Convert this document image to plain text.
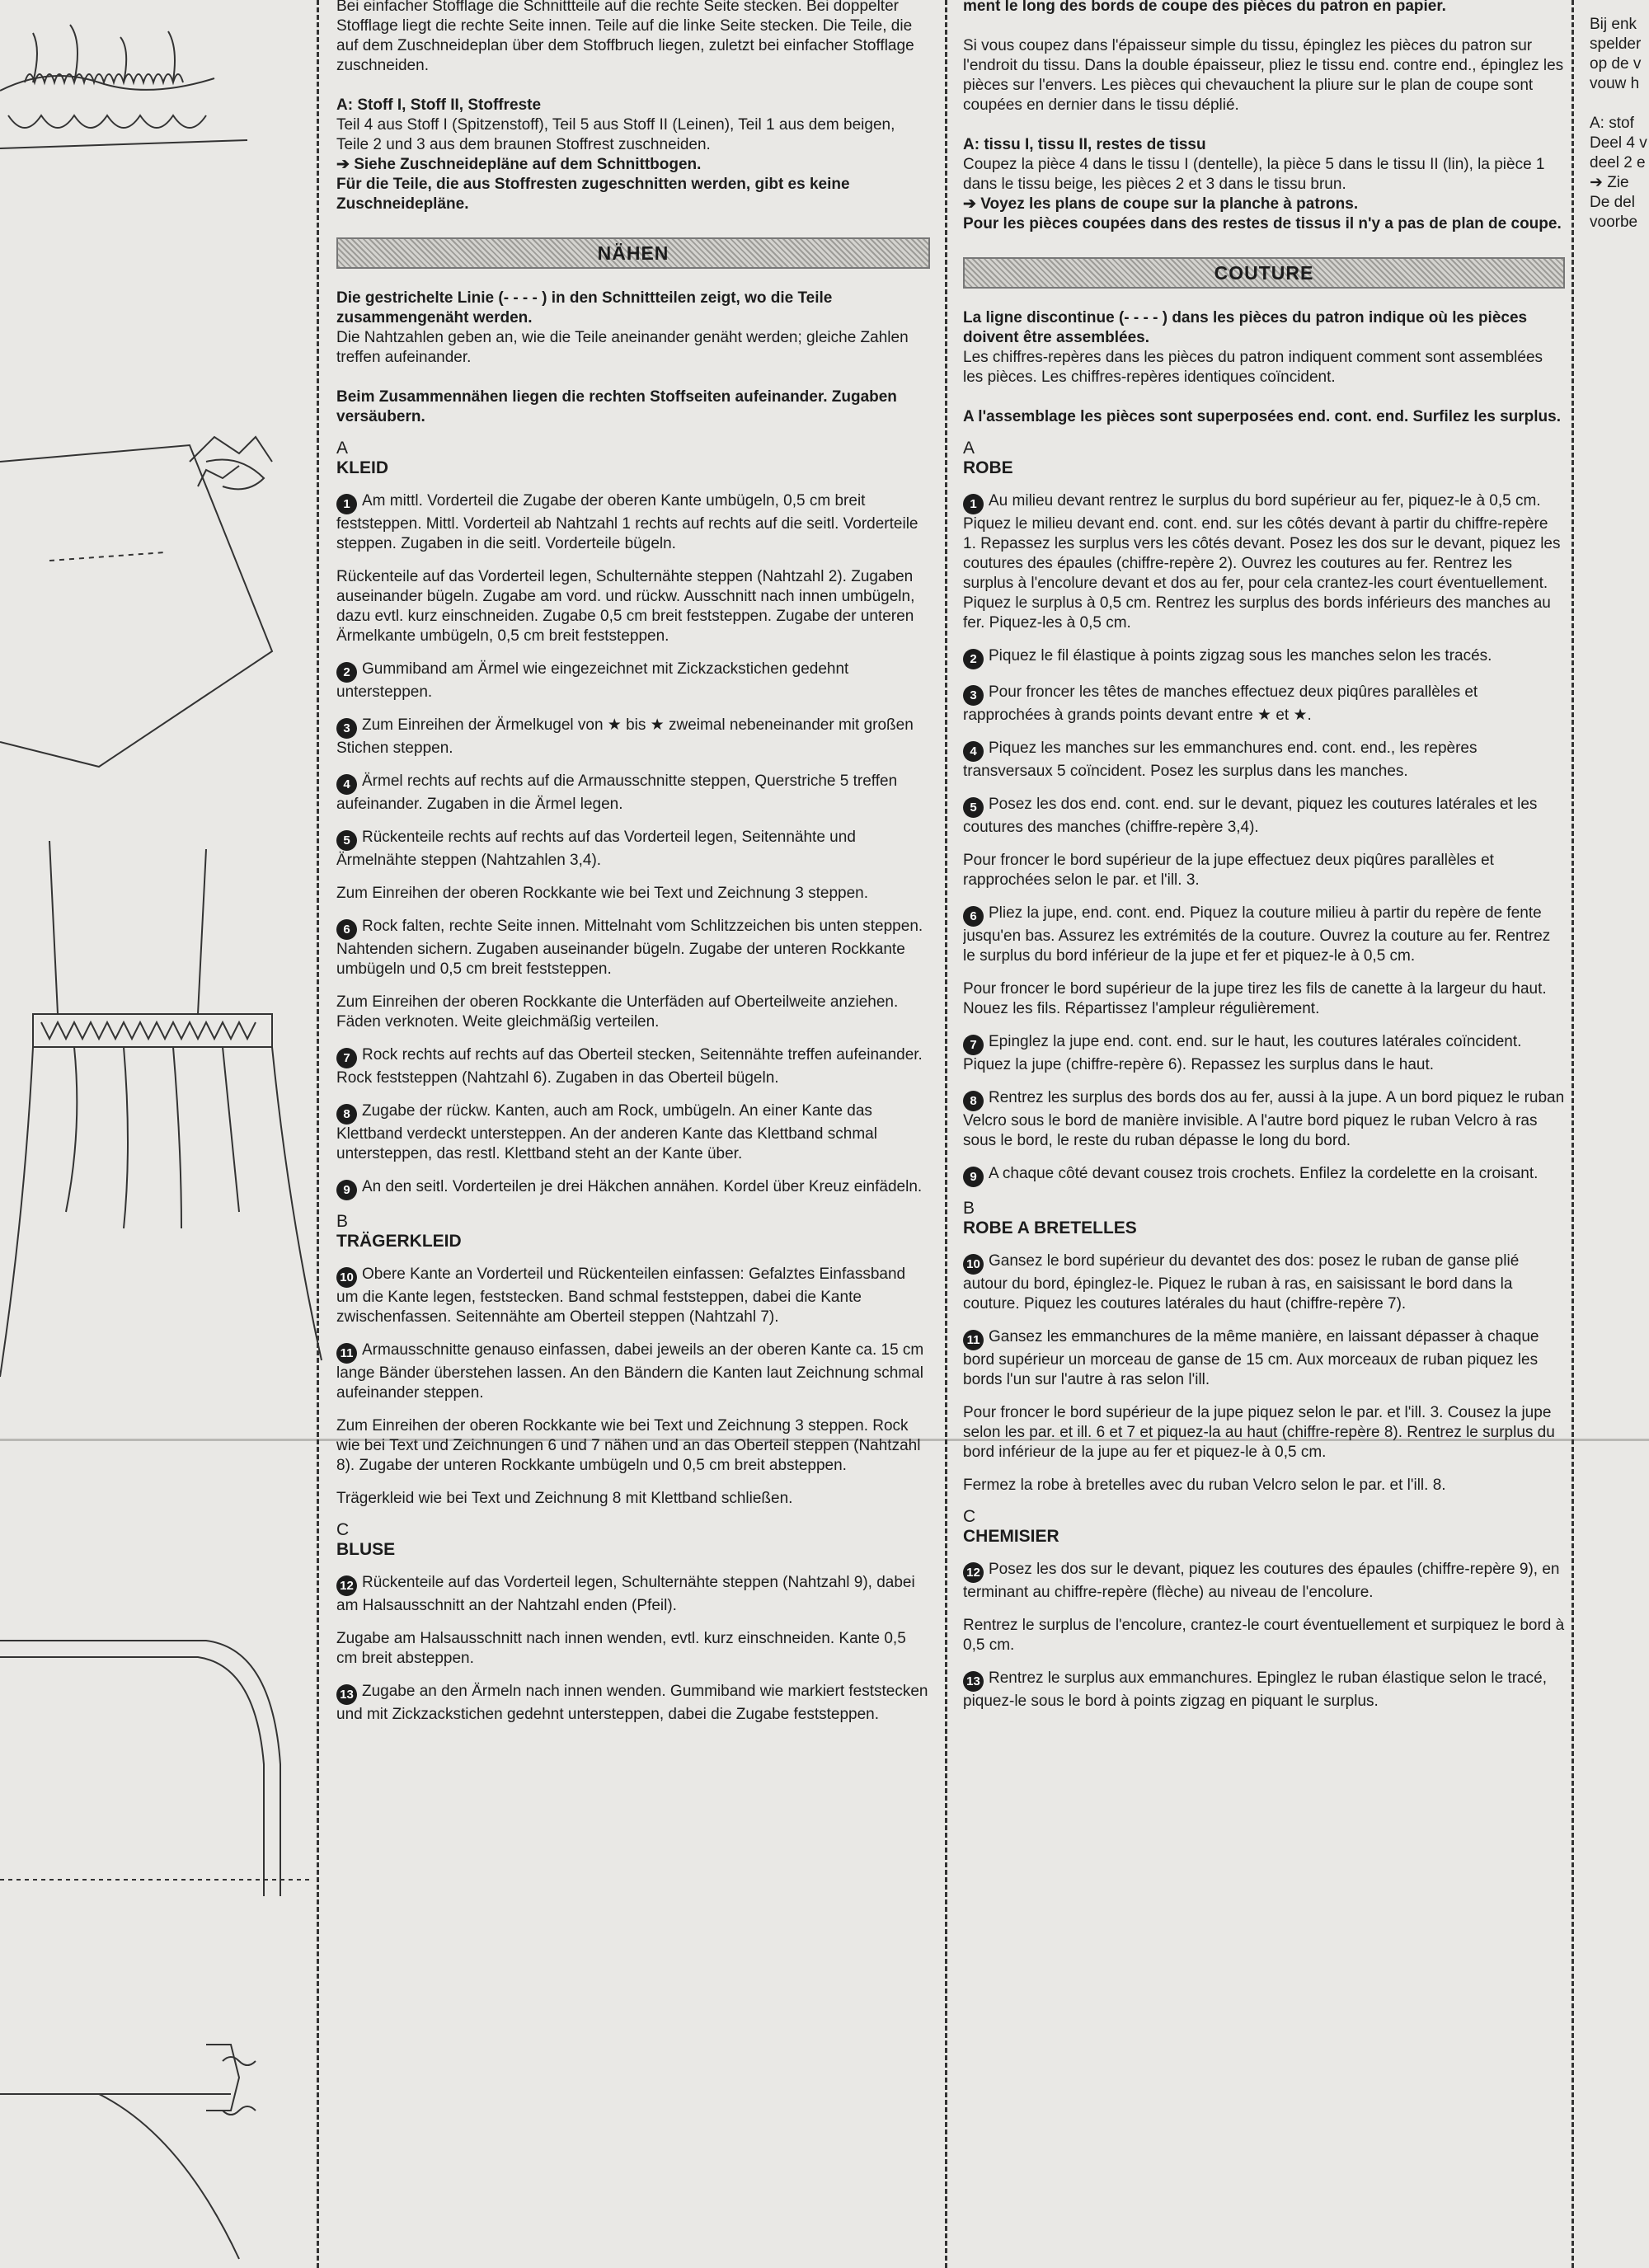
Bei einfacher Stofflage die Schnittteile auf die rechte Seite stecken. Bei doppelter Stofflage liegt die rechte Seite innen. Teile auf die linke Seite stecken. Die Teile, die auf dem Zuschneideplan über dem Stoffbruch liegen, zuletzt bei einfacher Stofflage zuschneiden.

A: Stoff I, Stoff II, Stoffreste

Teil 4 aus Stoff I (Spitzenstoff), Teil 5 aus Stoff II (Leinen), Teil 1 aus dem beigen, Teile 2 und 3 aus dem braunen Stoffrest zuschneiden.

➔ Siehe Zuschneidepläne auf dem Schnittbogen.

Für die Teile, die aus Stoffresten zugeschnitten werden, gibt es keine Zuschneidepläne.

NÄHEN

Die gestrichelte Linie (- - - - ) in den Schnittteilen zeigt, wo die Teile zusammengenäht werden.

Die Nahtzahlen geben an, wie die Teile aneinander genäht werden; gleiche Zahlen treffen aufeinander.

Beim Zusammennähen liegen die rechten Stoffseiten aufeinander. Zugaben versäubern.

A

KLEID

1 Am mittl. Vorderteil die Zugabe der oberen Kante umbügeln, 0,5 cm breit feststeppen. Mittl. Vorderteil ab Nahtzahl 1 rechts auf rechts auf die seitl. Vorderteile steppen. Zugaben in die seitl. Vorderteile bügeln.

Rückenteile auf das Vorderteil legen, Schulternähte steppen (Nahtzahl 2). Zugaben auseinander bügeln. Zugabe am vord. und rückw. Ausschnitt nach innen umbügeln, dazu evtl. kurz einschneiden. Zugabe 0,5 cm breit feststeppen. Zugabe der unteren Ärmelkante umbügeln, 0,5 cm breit feststeppen.

2 Gummiband am Ärmel wie eingezeichnet mit Zickzackstichen gedehnt untersteppen.

3 Zum Einreihen der Ärmelkugel von ★ bis ★ zweimal nebeneinander mit großen Stichen steppen.

4 Ärmel rechts auf rechts auf die Armausschnitte steppen, Querstriche 5 treffen aufeinander. Zugaben in die Ärmel legen.

5 Rückenteile rechts auf rechts auf das Vorderteil legen, Seitennähte und Ärmelnähte steppen (Nahtzahlen 3,4).

Zum Einreihen der oberen Rockkante wie bei Text und Zeichnung 3 steppen.

6 Rock falten, rechte Seite innen. Mittelnaht vom Schlitzzeichen bis unten steppen. Nahtenden sichern. Zugaben auseinander bügeln. Zugabe der unteren Rockkante umbügeln und 0,5 cm breit feststeppen.

Zum Einreihen der oberen Rockkante die Unterfäden auf Oberteilweite anziehen. Fäden verknoten. Weite gleichmäßig verteilen.

7 Rock rechts auf rechts auf das Oberteil stecken, Seitennähte treffen aufeinander. Rock feststeppen (Nahtzahl 6). Zugaben in das Oberteil bügeln.

8 Zugabe der rückw. Kanten, auch am Rock, umbügeln. An einer Kante das Klettband verdeckt untersteppen. An der anderen Kante das Klettband schmal untersteppen, das restl. Klettband steht an der Kante über.

9 An den seitl. Vorderteilen je drei Häkchen annähen. Kordel über Kreuz einfädeln.

B

TRÄGERKLEID

10 Obere Kante an Vorderteil und Rückenteilen einfassen: Gefalztes Einfassband um die Kante legen, feststecken. Band schmal feststeppen, dabei die Kante zwischenfassen. Seitennähte am Oberteil steppen (Nahtzahl 7).

11 Armausschnitte genauso einfassen, dabei jeweils an der oberen Kante ca. 15 cm lange Bänder überstehen lassen. An den Bändern die Kanten laut Zeichnung schmal aufeinander steppen.

Zum Einreihen der oberen Rockkante wie bei Text und Zeichnung 3 steppen. Rock wie bei Text und Zeichnungen 6 und 7 nähen und an das Oberteil steppen (Nahtzahl 8). Zugabe der unteren Rockkante umbügeln und 0,5 cm breit absteppen.

Trägerkleid wie bei Text und Zeichnung 8 mit Klettband schließen.

C

BLUSE

12 Rückenteile auf das Vorderteil legen, Schulternähte steppen (Nahtzahl 9), dabei am Halsausschnitt an der Nahtzahl enden (Pfeil).

Zugabe am Halsausschnitt nach innen wenden, evtl. kurz einschneiden. Kante 0,5 cm breit absteppen.

13 Zugabe an den Ärmeln nach innen wenden. Gummiband wie markiert feststecken und mit Zickzackstichen gedehnt untersteppen, dabei die Zugabe feststeppen.

ment le long des bords de coupe des pièces du patron en papier.

Si vous coupez dans l'épaisseur simple du tissu, épinglez les pièces du patron sur l'endroit du tissu. Dans la double épaisseur, pliez le tissu end. contre end., épinglez les pièces sur l'envers. Les pièces qui chevauchent la pliure sur le plan de coupe sont coupées en dernier dans le tissu déplié.

A: tissu I, tissu II, restes de tissu

Coupez la pièce 4 dans le tissu I (dentelle), la pièce 5 dans le tissu II (lin), la pièce 1 dans le tissu beige, les pièces 2 et 3 dans le tissu brun.

➔ Voyez les plans de coupe sur la planche à patrons.

Pour les pièces coupées dans des restes de tissus il n'y a pas de plan de coupe.

COUTURE

La ligne discontinue (- - - - ) dans les pièces du patron indique où les pièces doivent être assemblées.

Les chiffres-repères dans les pièces du patron indiquent comment sont assemblées les pièces. Les chiffres-repères identiques coïncident.

A l'assemblage les pièces sont superposées end. cont. end. Surfilez les surplus.

A

ROBE

1 Au milieu devant rentrez le surplus du bord supérieur au fer, piquez-le à 0,5 cm. Piquez le milieu devant end. cont. end. sur les côtés devant à partir du chiffre-repère 1. Repassez les surplus vers les côtés devant. Posez les dos sur le devant, piquez les coutures des épaules (chiffre-repère 2). Ouvrez les coutures au fer. Rentrez les surplus à l'encolure devant et dos au fer, pour cela crantez-les court éventuellement. Piquez le surplus à 0,5 cm. Rentrez les surplus des bords inférieurs des manches au fer. Piquez-les à 0,5 cm.

2 Piquez le fil élastique à points zigzag sous les manches selon les tracés.

3 Pour froncer les têtes de manches effectuez deux piqûres parallèles et rapprochées à grands points devant entre ★ et ★.

4 Piquez les manches sur les emmanchures end. cont. end., les repères transversaux 5 coïncident. Posez les surplus dans les manches.

5 Posez les dos end. cont. end. sur le devant, piquez les coutures latérales et les coutures des manches (chiffre-repère 3,4).

Pour froncer le bord supérieur de la jupe effectuez deux piqûres parallèles et rapprochées selon le par. et l'ill. 3.

6 Pliez la jupe, end. cont. end. Piquez la couture milieu à partir du repère de fente jusqu'en bas. Assurez les extrémités de la couture. Ouvrez la couture au fer. Rentrez le surplus du bord inférieur de la jupe et fer et piquez-le à 0,5 cm.

Pour froncer le bord supérieur de la jupe tirez les fils de canette à la largeur du haut. Nouez les fils. Répartissez l'ampleur régulièrement.

7 Epinglez la jupe end. cont. end. sur le haut, les coutures latérales coïncident. Piquez la jupe (chiffre-repère 6). Repassez les surplus dans le haut.

8 Rentrez les surplus des bords dos au fer, aussi à la jupe. A un bord piquez le ruban Velcro sous le bord de manière invisible. A l'autre bord piquez le ruban Velcro à ras sous le bord, le reste du ruban dépasse le long du bord.

9 A chaque côté devant cousez trois crochets. Enfilez la cordelette en la croisant.

B

ROBE A BRETELLES

10 Gansez le bord supérieur du devantet des dos: posez le ruban de ganse plié autour du bord, épinglez-le. Piquez le ruban à ras, en saisissant le bord dans la couture. Piquez les coutures latérales du haut (chiffre-repère 7).

11 Gansez les emmanchures de la même manière, en laissant dépasser à chaque bord supérieur un morceau de ganse de 15 cm. Aux morceaux de ruban piquez les bords l'un sur l'autre à ras selon l'ill.

Pour froncer le bord supérieur de la jupe piquez selon le par. et l'ill. 3. Cousez la jupe selon les par. et ill. 6 et 7 et piquez-la au haut (chiffre-repère 8). Rentrez le surplus du bord inférieur de la jupe au fer et piquez-le à 0,5 cm.

Fermez la robe à bretelles avec du ruban Velcro selon le par. et l'ill. 8.

C

CHEMISIER

12 Posez les dos sur le devant, piquez les coutures des épaules (chiffre-repère 9), en terminant au chiffre-repère (flèche) au niveau de l'encolure.

Rentrez le surplus de l'encolure, crantez-le court éventuellement et surpiquez le bord à 0,5 cm.

13 Rentrez le surplus aux emmanchures. Epinglez le ruban élastique selon le tracé, piquez-le sous le bord à points zigzag en piquant le surplus.

Bij enk

spelder

op de v

vouw h

A: stof

Deel 4 v

deel 2 e

➔ Zie

De del

voorbe
